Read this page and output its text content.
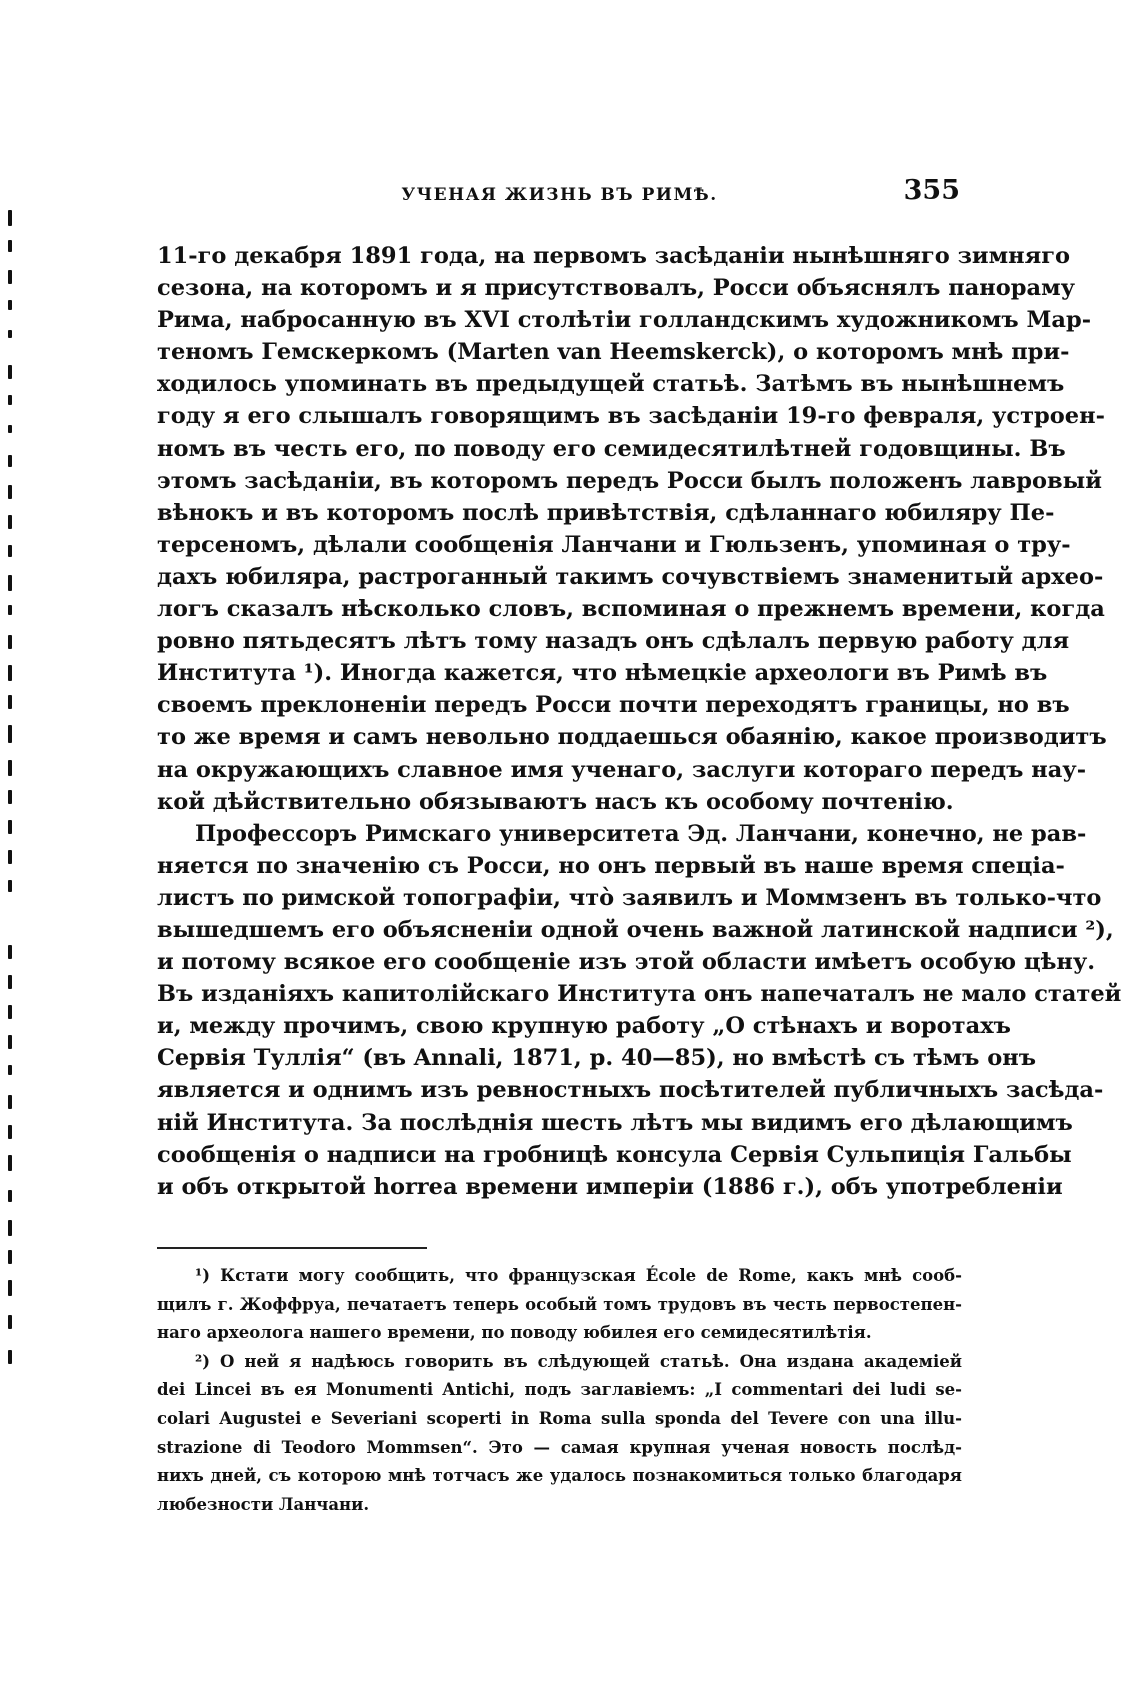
УЧЕНАЯ ЖИЗНЬ ВЪ РИМѢ.	355
11-го декабря 1891 года, на первомъ засѣданіи нынѣшняго зимняго
сезона, на которомъ и я присутствовалъ, Росси объяснялъ панораму
Рима, набросанную въ XVI столѣтіи голландскимъ художникомъ Мар-
теномъ Гемскеркомъ (Marten van Heemskerck), о которомъ мнѣ при-
ходилось упоминать въ предыдущей статьѣ. Затѣмъ въ нынѣшнемъ
году я его слышалъ говорящимъ въ засѣданіи 19-го февраля, устроен-
номъ въ честь его, по поводу его семидесятилѣтней годовщины. Въ
этомъ засѣданіи, въ которомъ передъ Росси былъ положенъ лавровый
вѣнокъ и въ которомъ послѣ привѣтствія, сдѣланнаго юбиляру Пе-
терсеномъ, дѣлали сообщенія Ланчани и Гюльзенъ, упоминая о тру-
дахъ юбиляра, растроганный такимъ сочувствіемъ знаменитый архео-
логъ сказалъ нѣсколько словъ, вспоминая о прежнемъ времени, когда
ровно пятьдесятъ лѣтъ тому назадъ онъ сдѣлалъ первую работу для
Института ¹). Иногда кажется, что нѣмецкіе археологи въ Римѣ въ
своемъ преклоненіи передъ Росси почти переходятъ границы, но въ
то же время и самъ невольно поддаешься обаянію, какое производитъ
на окружающихъ славное имя ученаго, заслуги котораго передъ нау-
кой дѣйствительно обязываютъ насъ къ особому почтенію.
Профессоръ Римскаго университета Эд. Ланчани, конечно, не рав-
няется по значенію съ Росси, но онъ первый въ наше время спеціа-
листъ по римской топографіи, что̀ заявилъ и Моммзенъ въ только-что
вышедшемъ его объясненіи одной очень важной латинской надписи ²),
и потому всякое его сообщеніе изъ этой области имѣетъ особую цѣну.
Въ изданіяхъ капитолійскаго Института онъ напечаталъ не мало статей
и, между прочимъ, свою крупную работу „О стѣнахъ и воротахъ
Сервія Туллія“ (въ Annali, 1871, p. 40—85), но вмѣстѣ съ тѣмъ онъ
является и однимъ изъ ревностныхъ посѣтителей публичныхъ засѣда-
ній Института. За послѣднія шесть лѣтъ мы видимъ его дѣлающимъ
сообщенія о надписи на гробницѣ консула Сервія Сульпиція Гальбы
и объ открытой horrea времени имперіи (1886 г.), объ употребленіи
¹) Кстати могу сообщить, что французская École de Rome, какъ мнѣ сооб-
щилъ г. Жоффруа, печатаетъ теперь особый томъ трудовъ въ честь первостепен-
наго археолога нашего времени, по поводу юбилея его семидесятилѣтія.
²) О ней я надѣюсь говорить въ слѣдующей статьѣ. Она издана академіей
dei Lincei въ ея Monumenti Antichi, подъ заглавіемъ: „I commentari dei ludi se-
colari Augustei e Severiani scoperti in Roma sulla sponda del Tevere con una illu-
strazione di Teodoro Mommsen“. Это — самая крупная ученая новость послѣд-
нихъ дней, съ которою мнѣ тотчасъ же удалось познакомиться только благодаря
любезности Ланчани.
